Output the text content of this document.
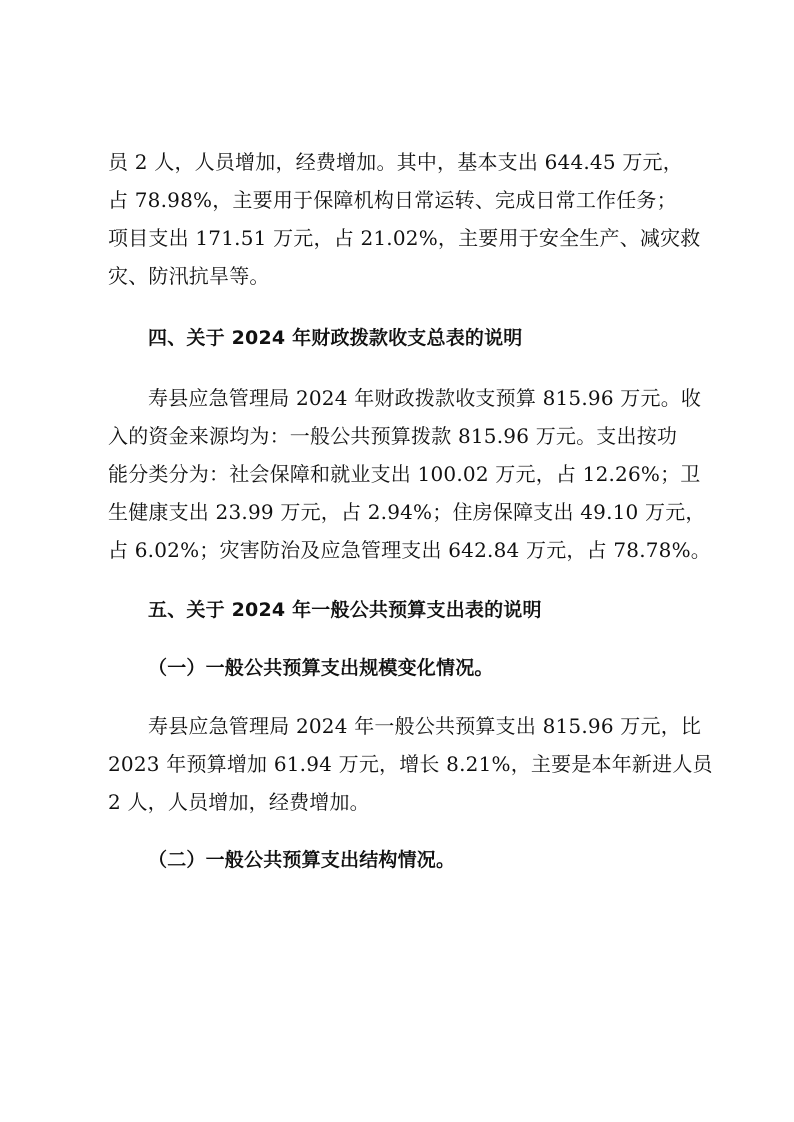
员 2 人，人员增加，经费增加。其中，基本支出 644.45 万元，
占 78.98%，主要用于保障机构日常运转、完成日常工作任务；
项目支出 171.51 万元，占 21.02%，主要用于安全生产、减灾救
灾、防汛抗旱等。
四、关于 2024 年财政拨款收支总表的说明
寿县应急管理局 2024 年财政拨款收支预算 815.96 万元。收
入的资金来源均为：一般公共预算拨款 815.96 万元。支出按功
能分类分为：社会保障和就业支出 100.02 万元，占 12.26%；卫
生健康支出 23.99 万元，占 2.94%；住房保障支出 49.10 万元，
占 6.02%；灾害防治及应急管理支出 642.84 万元，占 78.78%。
五、关于 2024 年一般公共预算支出表的说明
（一）一般公共预算支出规模变化情况。
寿县应急管理局 2024 年一般公共预算支出 815.96 万元，比
2023 年预算增加 61.94 万元，增长 8.21%，主要是本年新进人员
2 人，人员增加，经费增加。
（二）一般公共预算支出结构情况。
